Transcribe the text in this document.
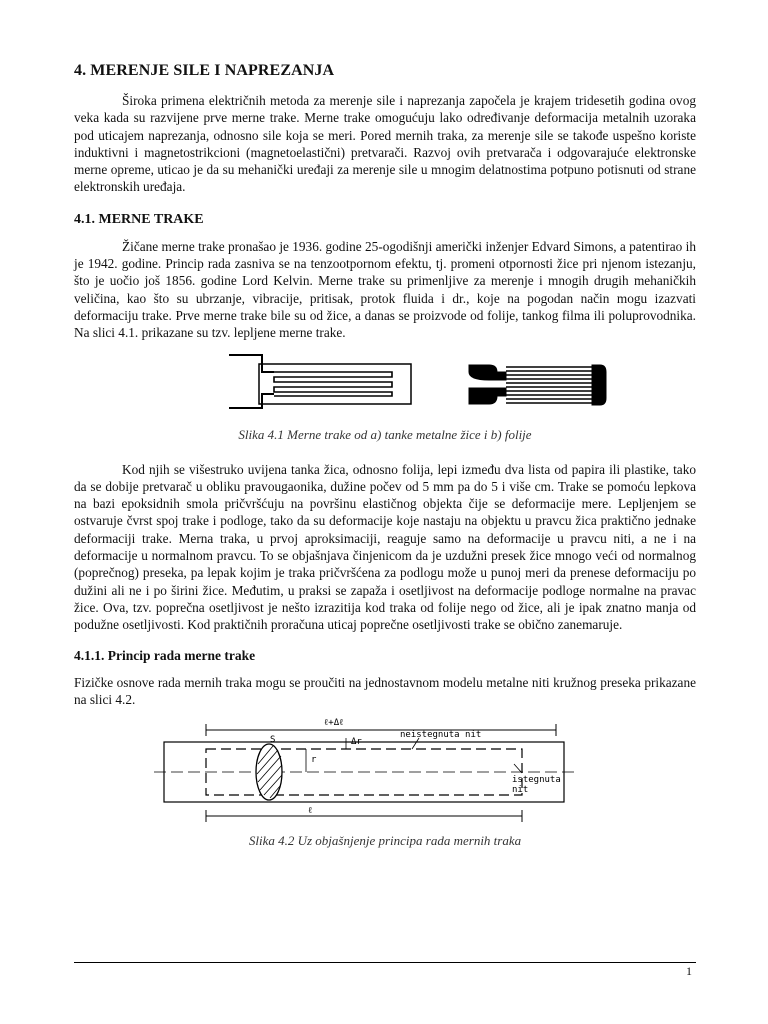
4. MERENJE SILE I NAPREZANJA

Široka primena električnih metoda za merenje sile i naprezanja započela je krajem tridesetih godina ovog veka kada su razvijene prve merne trake. Merne trake omogućuju lako određivanje deformacija metalnih uzoraka pod uticajem naprezanja, odnosno sile koja se meri. Pored mernih traka, za merenje sile se takođe uspešno koriste induktivni i magnetostrikcioni (magnetoelastični) pretvarači. Razvoj ovih pretvarača i odgovarajuće elektronske merne opreme, uticao je da su mehanički uređaji za merenje sile u mnogim delatnostima potpuno potisnuti od strane elektronskih uređaja.

4.1. MERNE TRAKE

Žičane merne trake pronašao je 1936. godine 25-ogodišnji američki inženjer Edvard Simons, a patentirao ih je 1942. godine. Princip rada zasniva se na tenzootpornom efektu, tj. promeni otpornosti žice pri njenom istezanju, što je uočio još 1856. godine Lord Kelvin. Merne trake su primenljive za merenje i mnogih drugih mehaničkih veličina, kao što su ubrzanje, vibracije, pritisak, protok fluida i dr., koje na pogodan način mogu izazvati deformaciju trake. Prve merne trake bile su od žice, a danas se proizvode od folije, tankog filma ili poluprovodnika. Na slici 4.1. prikazane su tzv. lepljene merne trake.

Slika 4.1 Merne trake od a) tanke metalne žice i b) folije

Kod njih se višestruko uvijena tanka žica, odnosno folija, lepi između dva lista od papira ili plastike, tako da se dobije pretvarač u obliku pravougaonika, dužine počev od 5 mm pa do 5 i više cm. Trake se pomoću lepkova na bazi epoksidnih smola pričvršćuju na površinu elastičnog objekta čije se deformacije mere. Lepljenjem se ostvaruje čvrst spoj trake i podloge, tako da su deformacije koje nastaju na objektu u pravcu žica praktično jednake deformaciji trake. Merna traka, u prvoj aproksimaciji, reaguje samo na deformacije u pravcu niti, a ne i na deformacije u normalnom pravcu. To se objašnjava činjenicom da je uzdužni presek žice mnogo veći od normalnog (poprečnog) preseka, pa lepak kojim je traka pričvršćena za podlogu može u punoj meri da prenese deformaciju po dužini ali ne i po širini žice. Međutim, u praksi se zapaža i osetljivost na deformacije podloge normalne na pravac žice. Ova, tzv. poprečna osetljivost je nešto izrazitija kod traka od folije nego od žice, ali je ipak znatno manja od podužne osetljivosti. Kod praktičnih proračuna uticaj poprečne osetljivosti trake se obično zanemaruje.

4.1.1. Princip rada merne trake

Fizičke osnove rada mernih traka mogu se proučiti na jednostavnom modelu metalne niti kružnog preseka prikazane na slici 4.2.

ℓ+Δℓ
S
r
Δr
neistegnuta nit
istegnuta
nit
ℓ
Slika 4.2 Uz objašnjenje principa rada mernih traka
1
